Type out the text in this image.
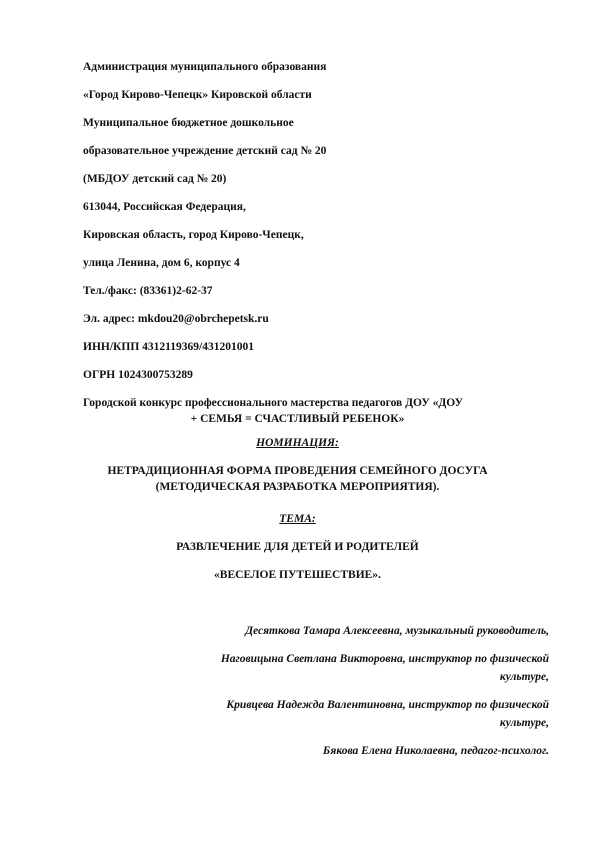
Администрация муниципального образования
«Город Кирово-Чепецк» Кировской области
Муниципальное бюджетное дошкольное
образовательное учреждение детский сад № 20
(МБДОУ детский сад № 20)
613044, Российская Федерация,
Кировская область, город Кирово-Чепецк,
улица Ленина, дом 6, корпус 4
Тел./факс: (83361)2-62-37
Эл. адрес: mkdou20@obrchepetsk.ru
ИНН/КПП 4312119369/431201001
ОГРН 1024300753289
Городской конкурс профессионального мастерства педагогов ДОУ «ДОУ
+ СЕМЬЯ = СЧАСТЛИВЫЙ РЕБЕНОК»
НОМИНАЦИЯ:
НЕТРАДИЦИОННАЯ ФОРМА ПРОВЕДЕНИЯ СЕМЕЙНОГО ДОСУГА
(МЕТОДИЧЕСКАЯ РАЗРАБОТКА МЕРОПРИЯТИЯ).
ТЕМА:
РАЗВЛЕЧЕНИЕ ДЛЯ ДЕТЕЙ И РОДИТЕЛЕЙ
«ВЕСЕЛОЕ ПУТЕШЕСТВИЕ».
Десяткова Тамара Алексеевна, музыкальный руководитель,
Наговицына Светлана Викторовна, инструктор по физической
культуре,
Кривцева Надежда Валентиновна, инструктор по физической
культуре,
Бякова Елена Николаевна, педагог-психолог.
